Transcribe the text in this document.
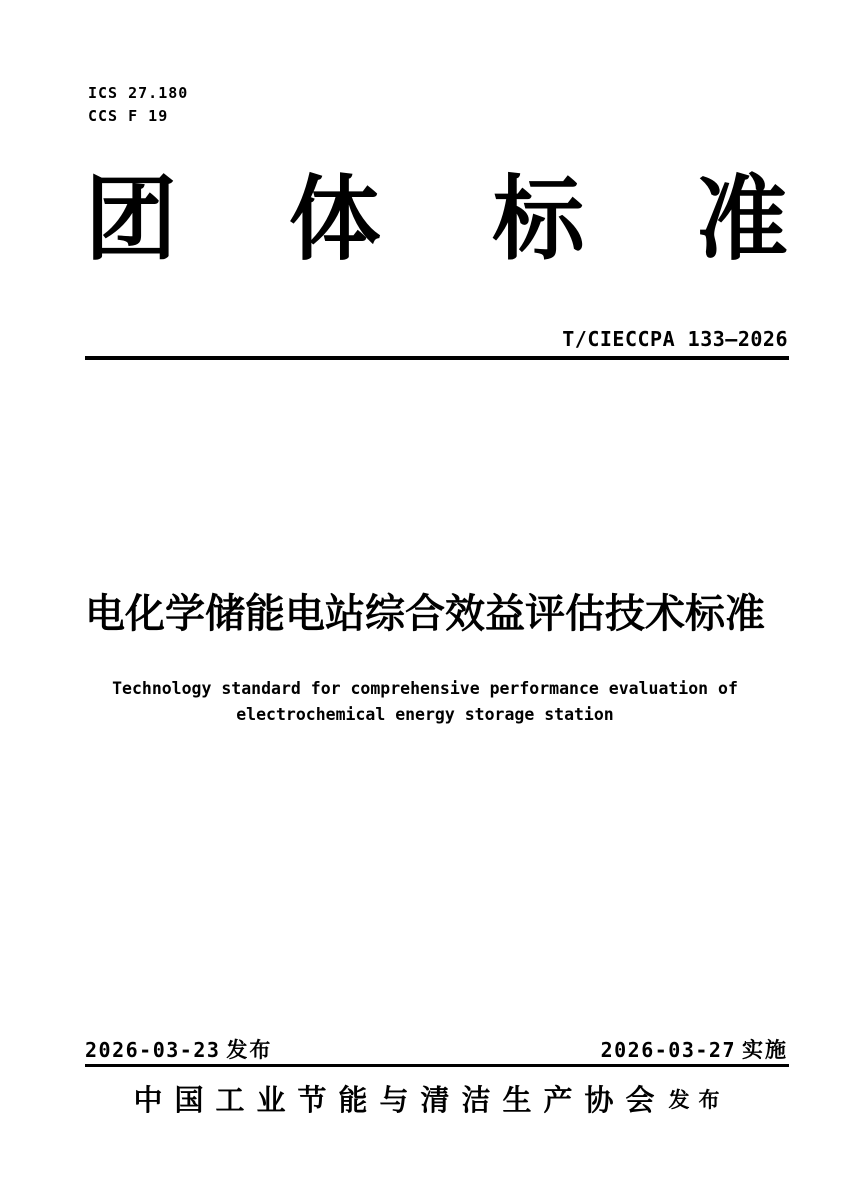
ICS 27.180
CCS F 19
团 体 标 准
T/CIECCPA 133—2026
电化学储能电站综合效益评估技术标准
Technology standard for comprehensive performance evaluation of
electrochemical energy storage station
2026-03-23 发布	2026-03-27 实施
中国工业节能与清洁生产协会 发布
